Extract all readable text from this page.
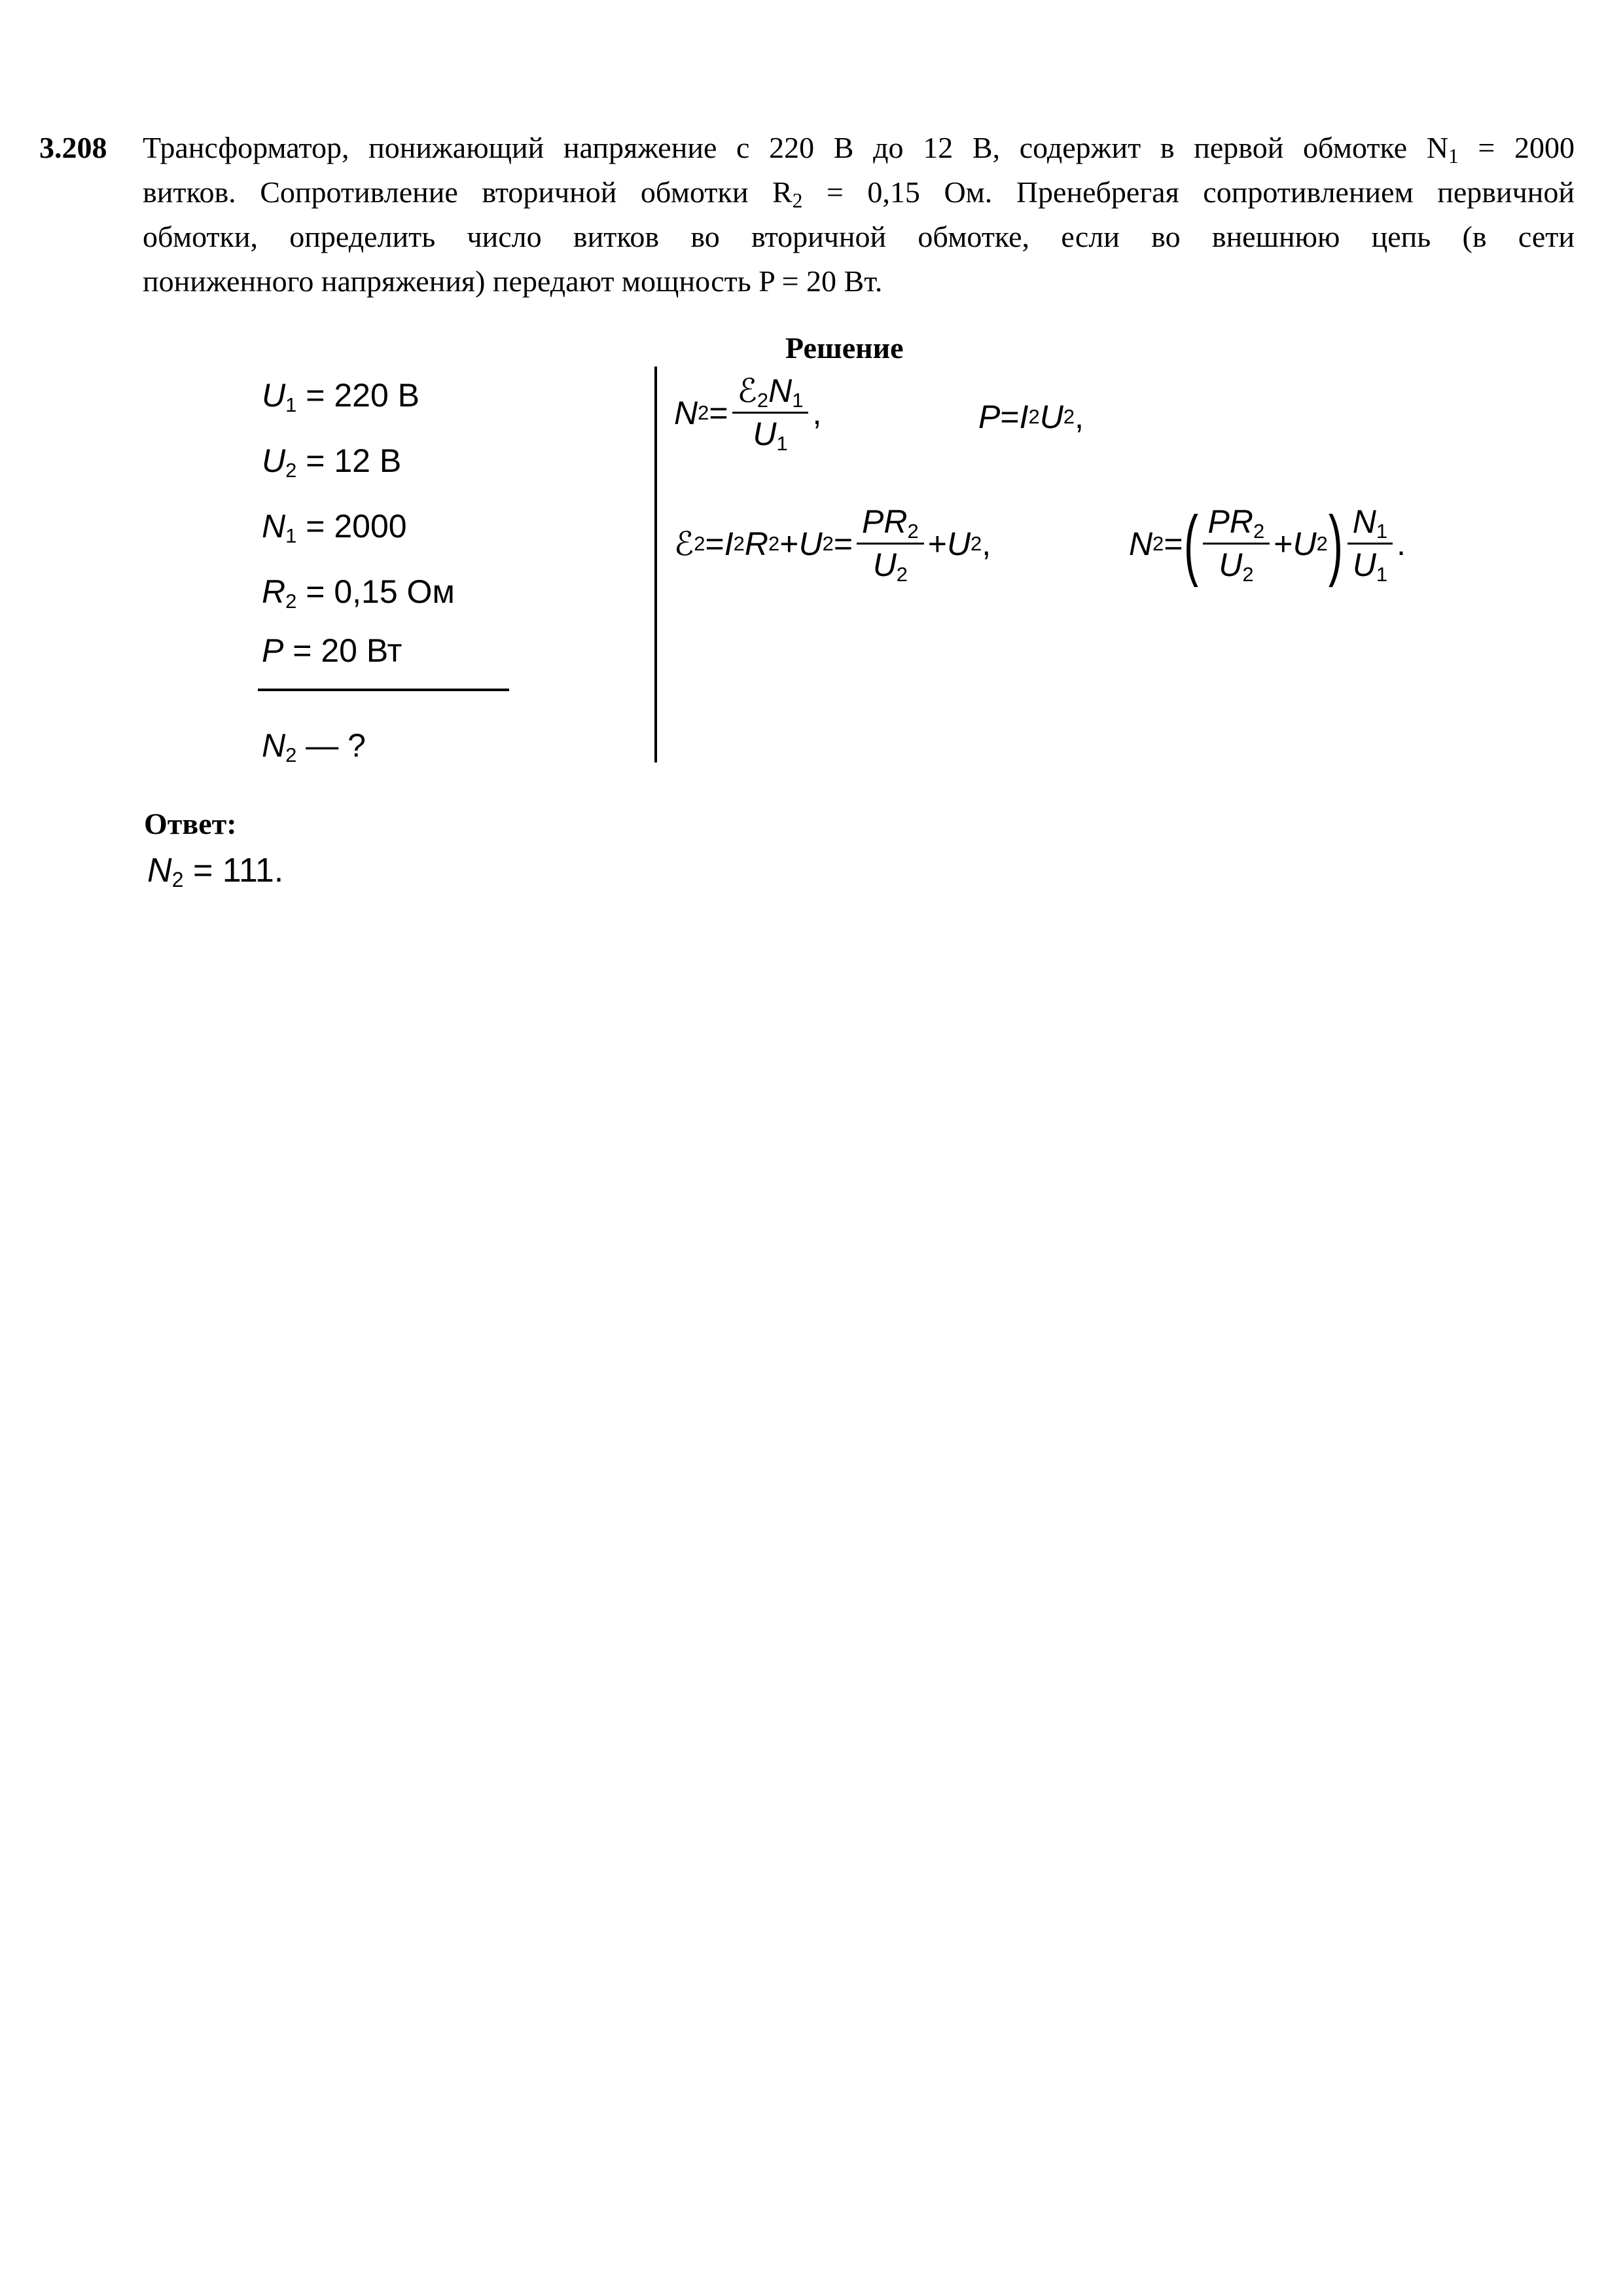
3.208 Трансформатор, понижающий напряжение с 220 В до 12 В, содержит в первой обмотке $N_1 = 2000$
витков. Сопротивление вторичной обмотки $R_2 = 0,15$ Ом. Пренебрегая сопротивлением первичной
обмотки, определить число витков во вторичной обмотке, если во внешнюю цепь (в сети
пониженного напряжения) передают мощность P = 20 Вт.
Решение
$U_1 = 220$ В
$U_2 = 12$ В
$N_1 = 2000$
$R_2 = 0,15$ Ом
P = 20 Вт
$N_2$ — ?
N $2 = \frac{ℰ_2N_1}{U_1}$ ,	P = I 2 U 2 ,
ℰ 2 = I 2 R 2 + U $2 = \frac{PR_2}{U_2} + U$ 2 ,	N 2 = ( $\frac{PR_2}{U_2} + U$ 2 ) $\frac{N_1}{U_1}$ .
Ответ:
$N_2 = 111$.
